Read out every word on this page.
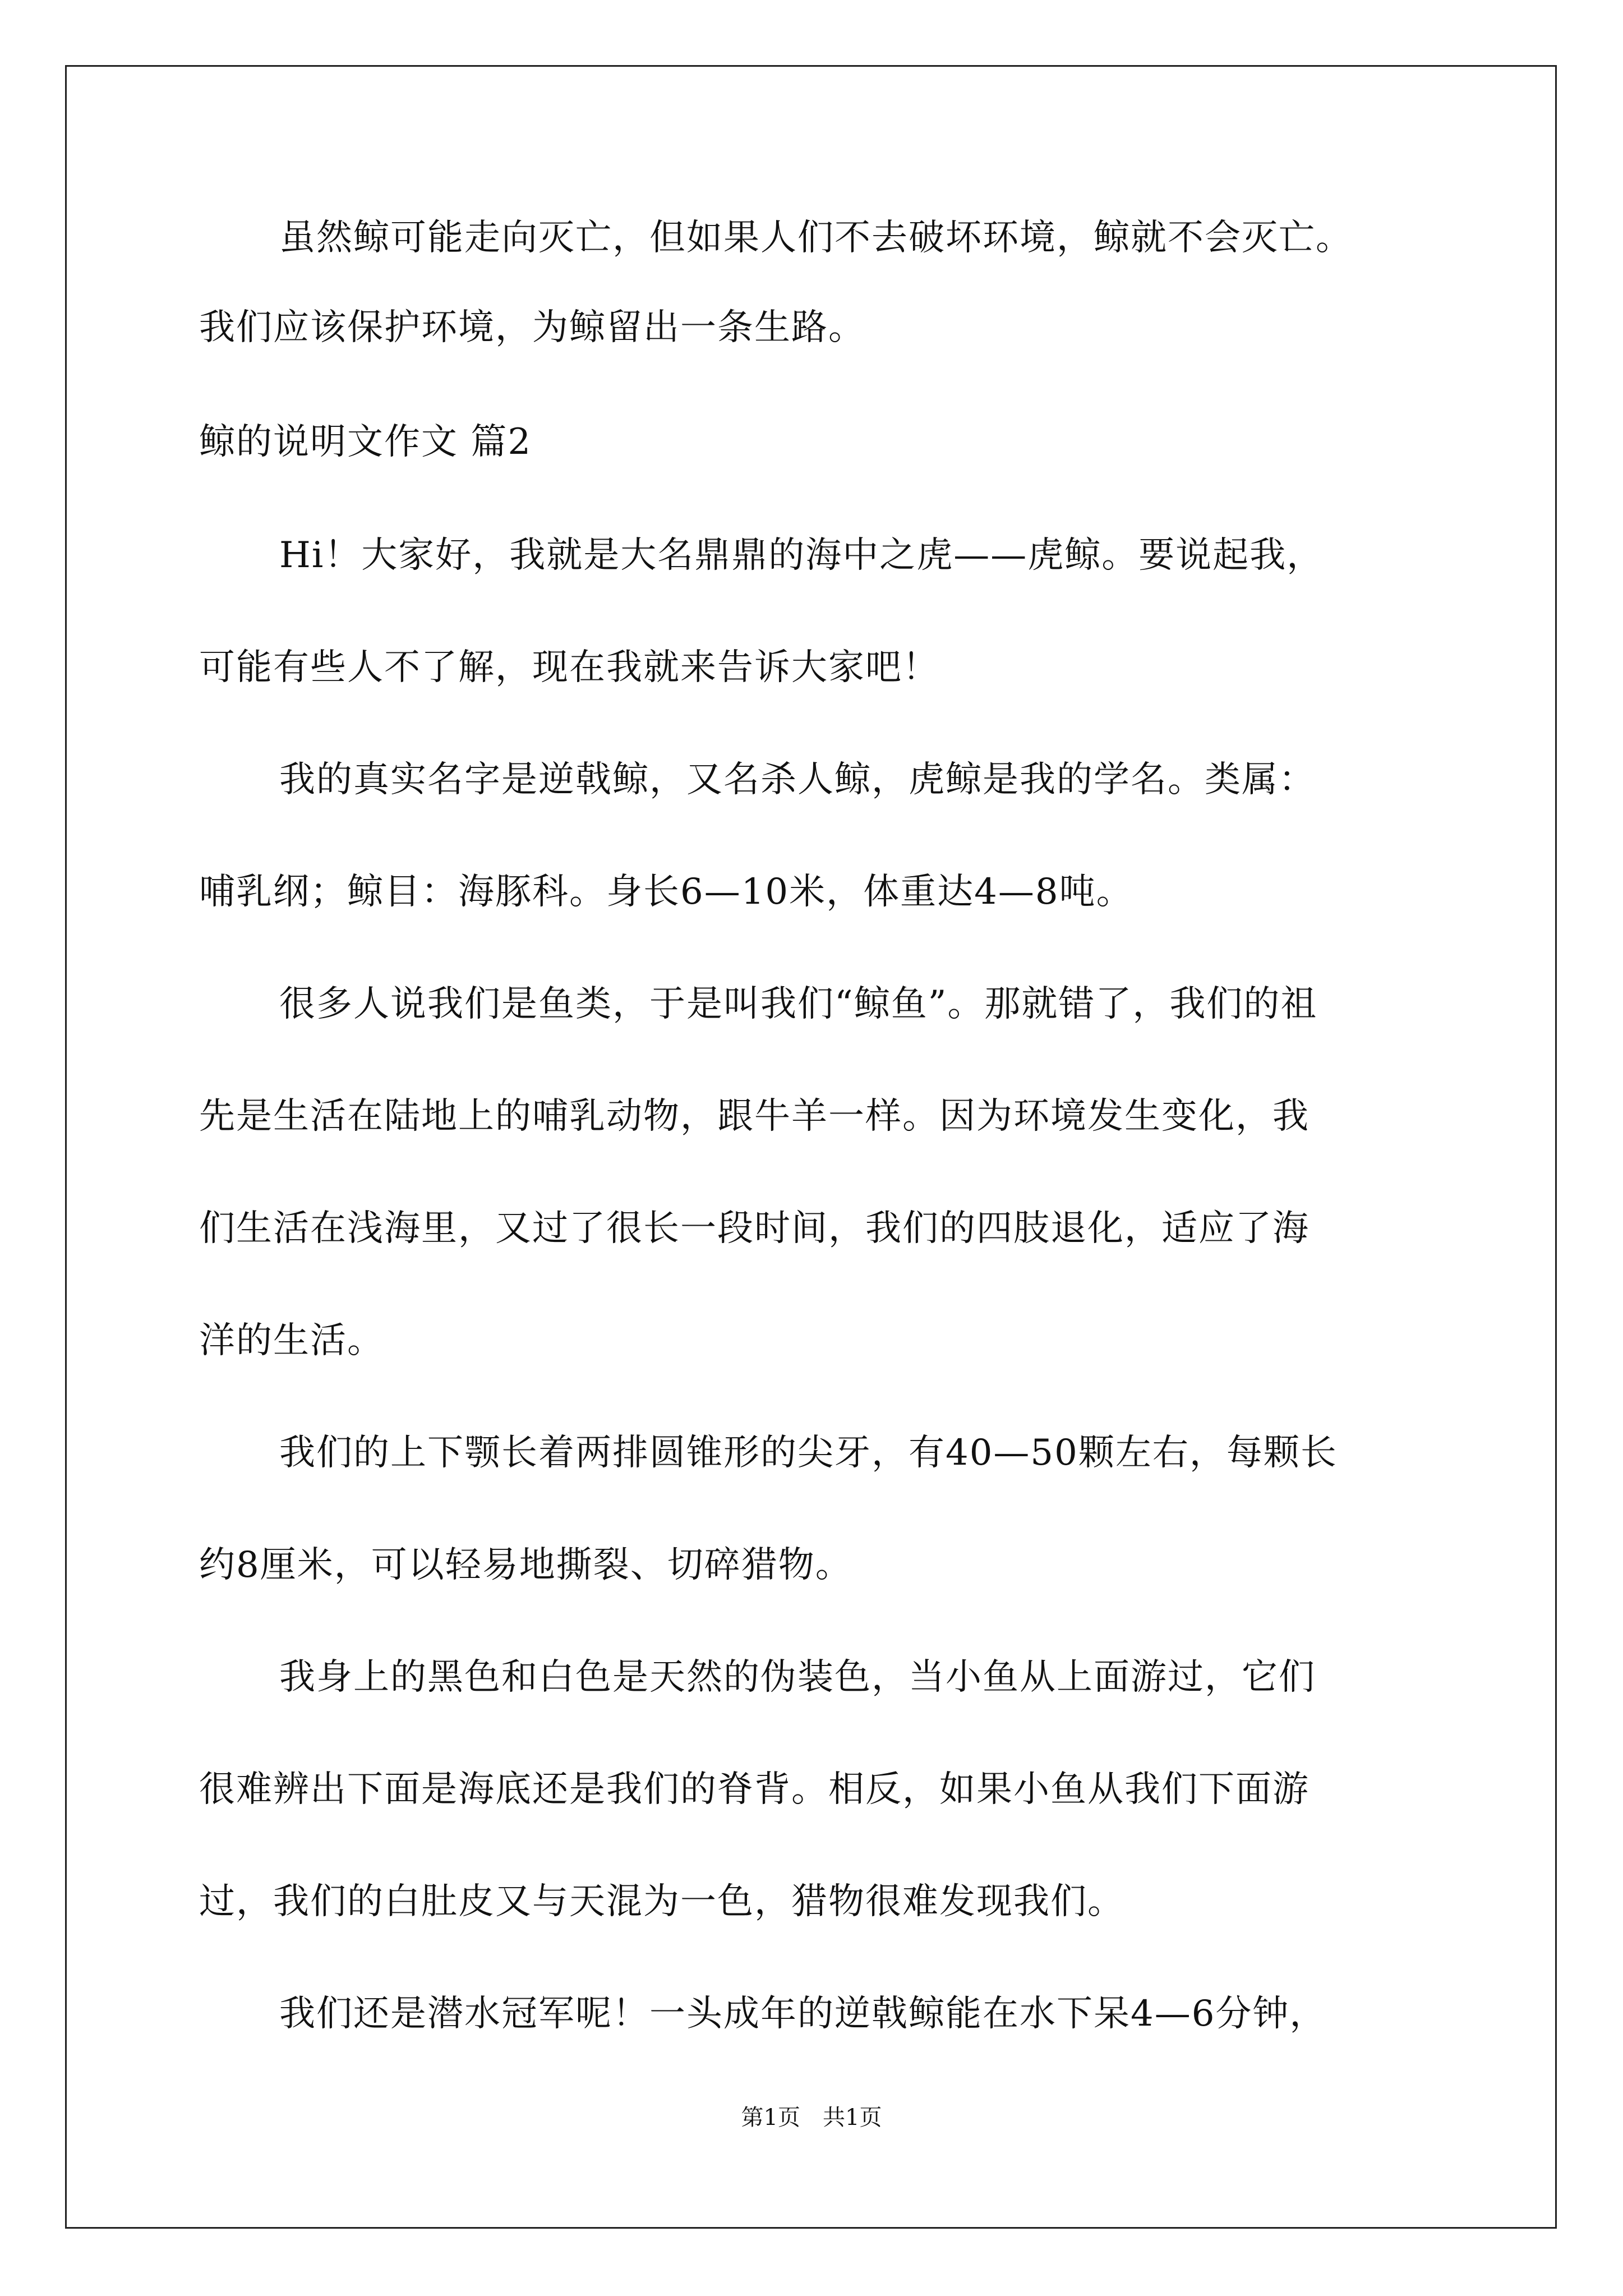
虽然鲸可能走向灭亡，但如果人们不去破坏环境，鲸就不会灭亡。
我们应该保护环境，为鲸留出一条生路。
鲸的说明文作文 篇2
Hi！大家好，我就是大名鼎鼎的海中之虎——虎鲸。要说起我，
可能有些人不了解，现在我就来告诉大家吧！
我的真实名字是逆戟鲸，又名杀人鲸，虎鲸是我的学名。类属：
哺乳纲；鲸目：海豚科。身长6—10米，体重达4—8吨。
很多人说我们是鱼类，于是叫我们“鲸鱼”。那就错了，我们的祖
先是生活在陆地上的哺乳动物，跟牛羊一样。因为环境发生变化，我
们生活在浅海里，又过了很长一段时间，我们的四肢退化，适应了海
洋的生活。
我们的上下颚长着两排圆锥形的尖牙，有40—50颗左右，每颗长
约8厘米，可以轻易地撕裂、切碎猎物。
我身上的黑色和白色是天然的伪装色，当小鱼从上面游过，它们
很难辨出下面是海底还是我们的脊背。相反，如果小鱼从我们下面游
过，我们的白肚皮又与天混为一色，猎物很难发现我们。
我们还是潜水冠军呢！一头成年的逆戟鲸能在水下呆4—6分钟，
第1页　共1页
